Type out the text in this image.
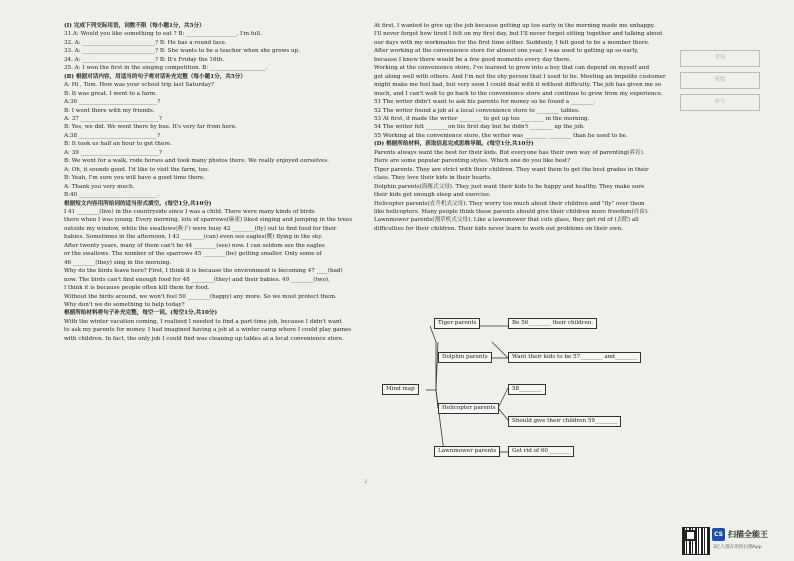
(Ⅰ) 完成下列交际用语，词数不限（每小题1分，共5分）
31.A: Would you like something to eat ? B: __________________, I'm full.
32. A: __________________________? B: He has a round face.
33. A: __________________________? B: She wants to be a teacher when she grows up.
34. A: __________________________? B: It's Friday the 16th.
35. A: I won the first in the singing competition. B: ____________________.
(Ⅱ) 根据对话内容，用适当的句子将对话补充完整（每小题1分，共5分）
A: Hi , Tom. How was your school trip last Saturday?
B: It was great. I went to a farm.
A:36 ____________________________?
B: I went there with my friends.
A: 37 ____________________________?
B: Yes, we did. We went there by bus. It's very far from here.
A:38 ____________________________?
B: It took us half an hour to get there.
A: 39 ____________________________?
B: We went for a walk, rode horses and took many photos there. We really enjoyed ourselves.
A: Oh, it sounds good. I'd like to visit the farm, too.
B: Yeah, I'm sure you will have a good time there.
A: Thank you very much.
B:40 ____________________________.
根据短文内容用所给词的适当形式填空。(每空1分,共10分)
I 41 ________(live) in the countryside since I was a child. There were many kinds of birds
there when I was young. Every morning, lots of sparrows(麻雀) liked singing and jumping in the trees
outside my window, while the swallows(燕子) were busy 42 ________(fly) out to find food for their
babies. Sometimes in the afternoon, I 43 ________(can) even see eagles(鹰) flying in the sky.
After twenty years, many of them can't be 44 ________(see) now. I can seldom see the eagles
or the swallows. The number of the sparrows 45 ________(be) getting smaller. Only some of
46 ________(they) sing in the morning.
Why do the birds leave here? First, I think it is because the environment is becoming 47 ____(bad)
now. The birds can't find enough food for 48 ________(they) and their babies. 49 ________(two),
I think it is because people often kill them for food.
Without the birds around, we won't feel 50 ________(happy) any more. So we must protect them.
Why don't we do something to help today?
根据所给材料将句子补充完整，每空一词。(每空1分,共10分)
With the winter vacation coming, I realized I needed to find a part-time job, because I didn't want
to ask my parents for money. I had imagined having a job at a winter camp where I could play games
with children. In fact, the only job I could find was cleaning up tables at a local convenience store.
At first, I wanted to give up the job because getting up too early in the morning made me unhappy.
I'll never forget how tired I felt on my first day, but I'll never forget sitting together and talking about
our days with my workmates for the first time either. Suddenly, I felt good to be a member there.
After working at the convenience store for almost one year, I was used to getting up so early,
because I knew there would be a few good moments every day there.
Working at the convenience store, I've learned to grow into a boy that can depend on myself and
get along well with others. And I'm not the shy person that I used to be. Meeting an impolite customer
might make me feel bad, but very soon I could deal with it without difficulty. The job has given me so
much, and I can't wait to go back to the convenience store and continue to grow from my experience.
51 The writer didn't want to ask his parents for money so he found a ________.
52 The writer found a job at a local convenience store to ________ tables.
53 At first, it made the writer ________ to get up too ________ in the morning.
54 The writer felt ________on his first day but he didn't ________ up the job.
55 Working at the convenience store, the writer was ________ ________ than he used to be.
(D) 根据所给材料，获取信息完成思维导图。(每空1分,共10分)
Parents always want the best for their kids. But everyone has their own way of parenting(养育).
Here are some popular parenting styles. Which one do you like best?
Tiger parents. They are strict with their children. They want them to get the best grades in their
class. They love their kids in their hearts.
Dolphin parents(海豚式父母). They just want their kids to be happy and healthy. They make sure
their kids get enough sleep and exercise.
Helicopter parents(直升机式父母). They worry too much about their children and "fly" over them
like helicopters. Many people think these parents should give their children more freedom(自由).
Lawnmower parents(割草机式父母). Like a lawnmower that cuts glass, they get rid of (去除) all
difficulties for their children. Their kids never learn to work out problems on their own.
Mind map
Tiger parents
Dolphin parents
Helicopter parents
Lawnmower parents
Be 56________ their children.
Want their kids to be 57________ and________
58________
Should give their children 59________
Get rid of 60________
考场
班级
座号
2
CS 扫描全能王
3亿人都在用的扫描App
